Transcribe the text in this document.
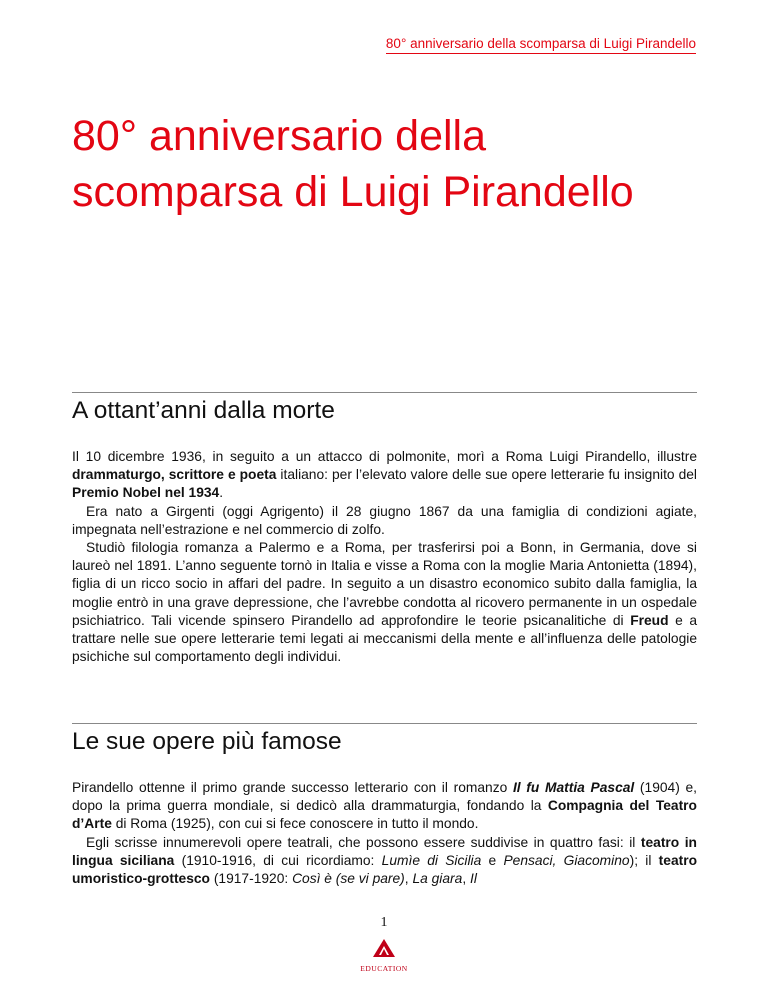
80° anniversario della scomparsa di Luigi Pirandello
80° anniversario della scomparsa di Luigi Pirandello
A ottant’anni dalla morte

Il 10 dicembre 1936, in seguito a un attacco di polmonite, morì a Roma Luigi Pirandello, illustre drammaturgo, scrittore e poeta italiano: per l’elevato valore delle sue opere letterarie fu insignito del Premio Nobel nel 1934.

Era nato a Girgenti (oggi Agrigento) il 28 giugno 1867 da una famiglia di condizioni agiate, impegnata nell’estrazione e nel commercio di zolfo.

Studiò filologia romanza a Palermo e a Roma, per trasferirsi poi a Bonn, in Germania, dove si laureò nel 1891. L’anno seguente tornò in Italia e visse a Roma con la moglie Maria Antonietta (1894), figlia di un ricco socio in affari del padre. In seguito a un disastro economico subito dalla famiglia, la moglie entrò in una grave depressione, che l’avrebbe condotta al ricovero permanente in un ospedale psichiatrico. Tali vicende spinsero Pirandello ad approfondire le teorie psicanalitiche di Freud e a trattare nelle sue opere letterarie temi legati ai meccanismi della mente e all’influenza delle patologie psichiche sul comportamento degli individui.

Le sue opere più famose

Pirandello ottenne il primo grande successo letterario con il romanzo Il fu Mattia Pascal (1904) e, dopo la prima guerra mondiale, si dedicò alla drammaturgia, fondando la Compagnia del Teatro d’Arte di Roma (1925), con cui si fece conoscere in tutto il mondo.

Egli scrisse innumerevoli opere teatrali, che possono essere suddivise in quattro fasi: il teatro in lingua siciliana (1910-1916, di cui ricordiamo: Lumìe di Sicilia e Pensaci, Giacomino); il teatro umoristico-grottesco (1917-1920: Così è (se vi pare), La giara, Il

1
EDUCATION
